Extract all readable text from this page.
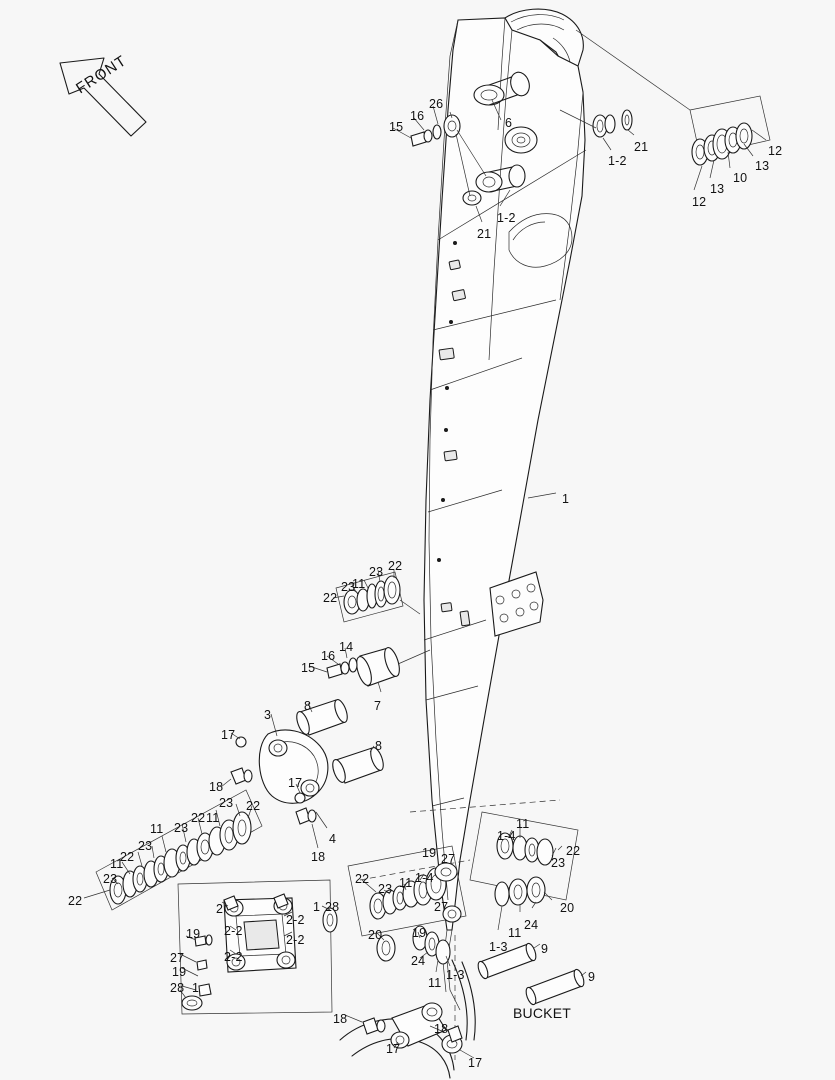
FRONT
BUCKET
15
16
26
6
1-2
21	12
13
10
13
12
1-2
21
1
23 22
11
23
22
14
16
15
7
8
8
3
17
18	17
22
23
11
22
23
11
23
22
23
11
22
4
18	27
19
11
1-4
23
22
20
24
11
1-3
22
23 11 1-4
27
20 19
24
11
1-3
2	1 28
2-2
2-2
2-2
2-2
19
27
19
1
28
9
9
18
18
17
17
